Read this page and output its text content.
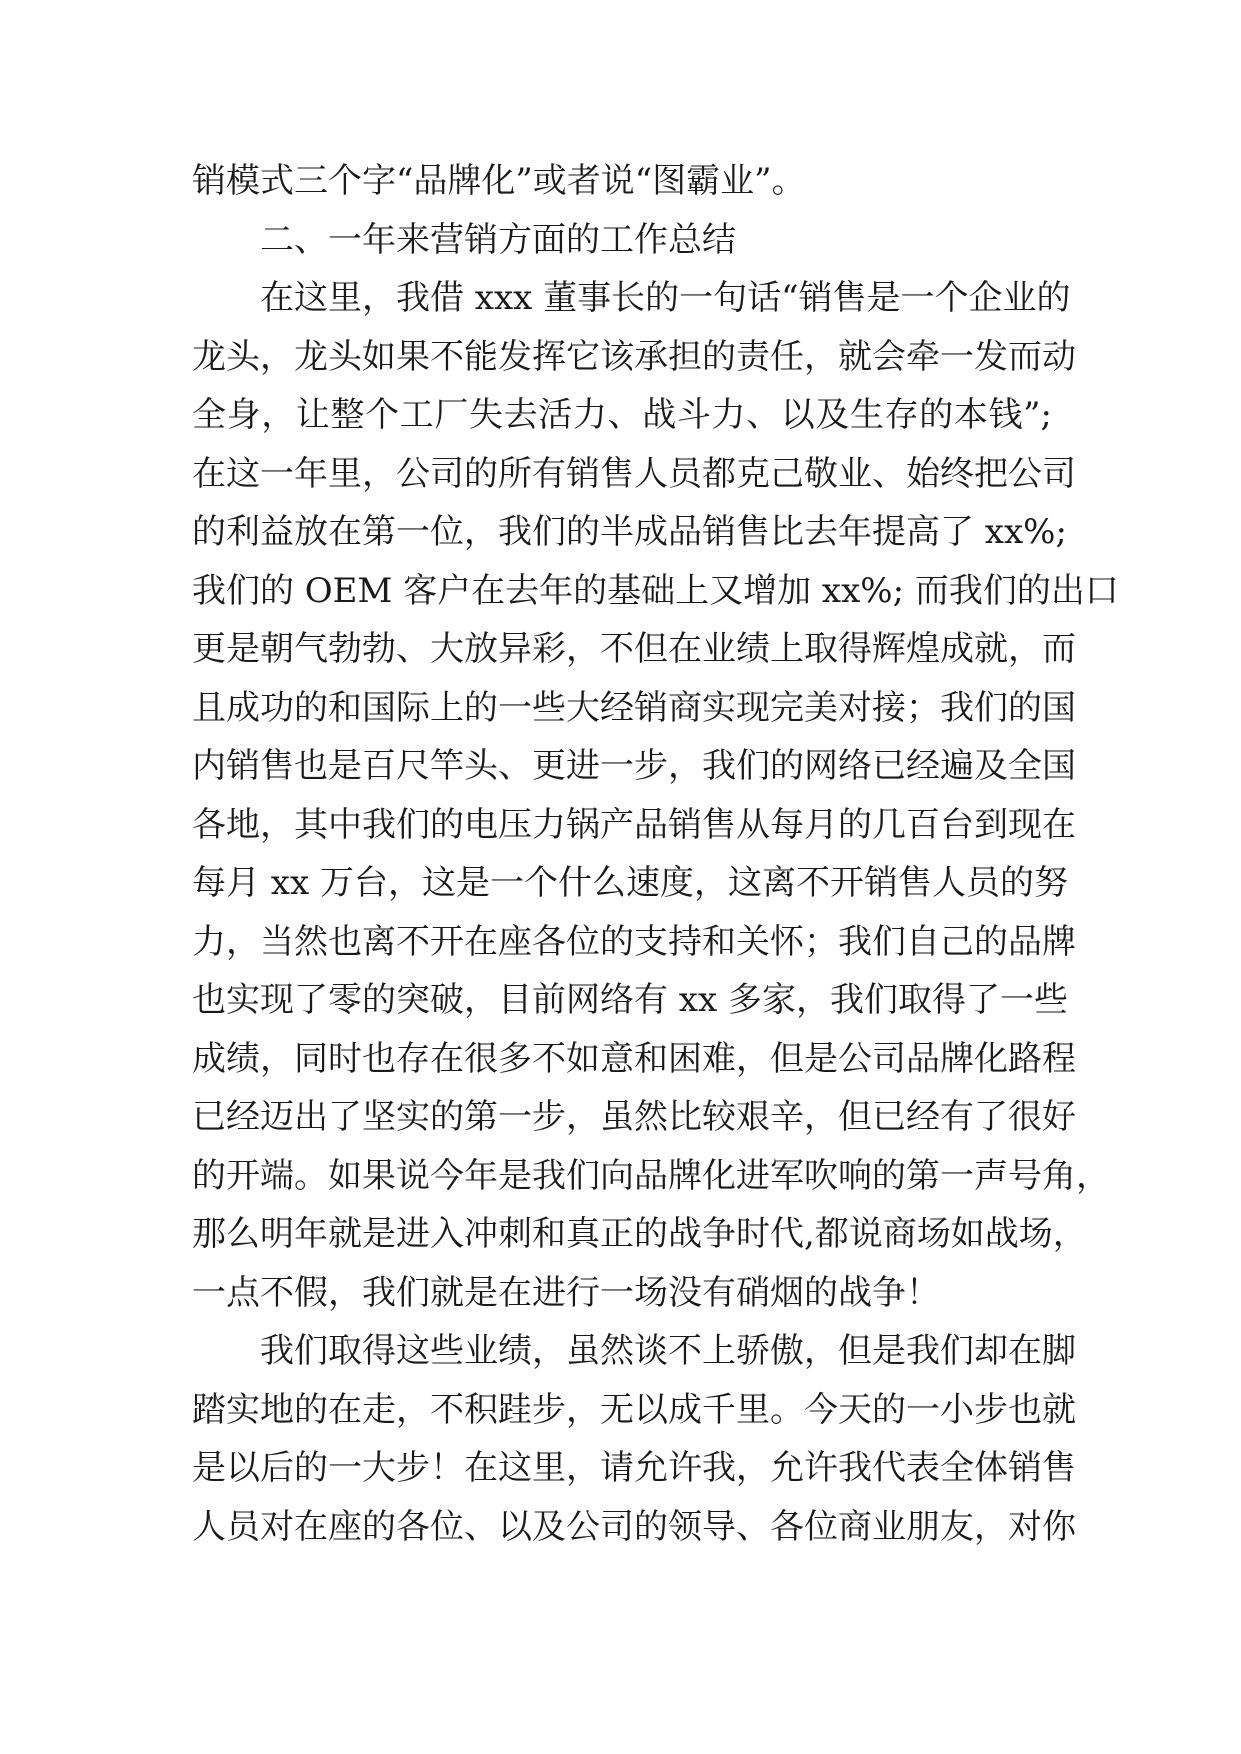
销模式三个字“品牌化”或者说“图霸业”。
二、一年来营销方面的工作总结
在这里，我借 xxx 董事长的一句话“销售是一个企业的
龙头，龙头如果不能发挥它该承担的责任，就会牵一发而动
全身，让整个工厂失去活力、战斗力、以及生存的本钱”;
在这一年里，公司的所有销售人员都克己敬业、始终把公司
的利益放在第一位，我们的半成品销售比去年提高了 xx%;
我们的 OEM 客户在去年的基础上又增加 xx%; 而我们的出口
更是朝气勃勃、大放异彩，不但在业绩上取得辉煌成就，而
且成功的和国际上的一些大经销商实现完美对接；我们的国
内销售也是百尺竿头、更进一步，我们的网络已经遍及全国
各地，其中我们的电压力锅产品销售从每月的几百台到现在
每月 xx 万台，这是一个什么速度，这离不开销售人员的努
力，当然也离不开在座各位的支持和关怀；我们自己的品牌
也实现了零的突破，目前网络有 xx 多家，我们取得了一些
成绩，同时也存在很多不如意和困难，但是公司品牌化路程
已经迈出了坚实的第一步，虽然比较艰辛，但已经有了很好
的开端。如果说今年是我们向品牌化进军吹响的第一声号角，
那么明年就是进入冲刺和真正的战争时代,都说商场如战场，
一点不假，我们就是在进行一场没有硝烟的战争！
我们取得这些业绩，虽然谈不上骄傲，但是我们却在脚
踏实地的在走，不积跬步，无以成千里。今天的一小步也就
是以后的一大步！在这里，请允许我，允许我代表全体销售
人员对在座的各位、以及公司的领导、各位商业朋友，对你
